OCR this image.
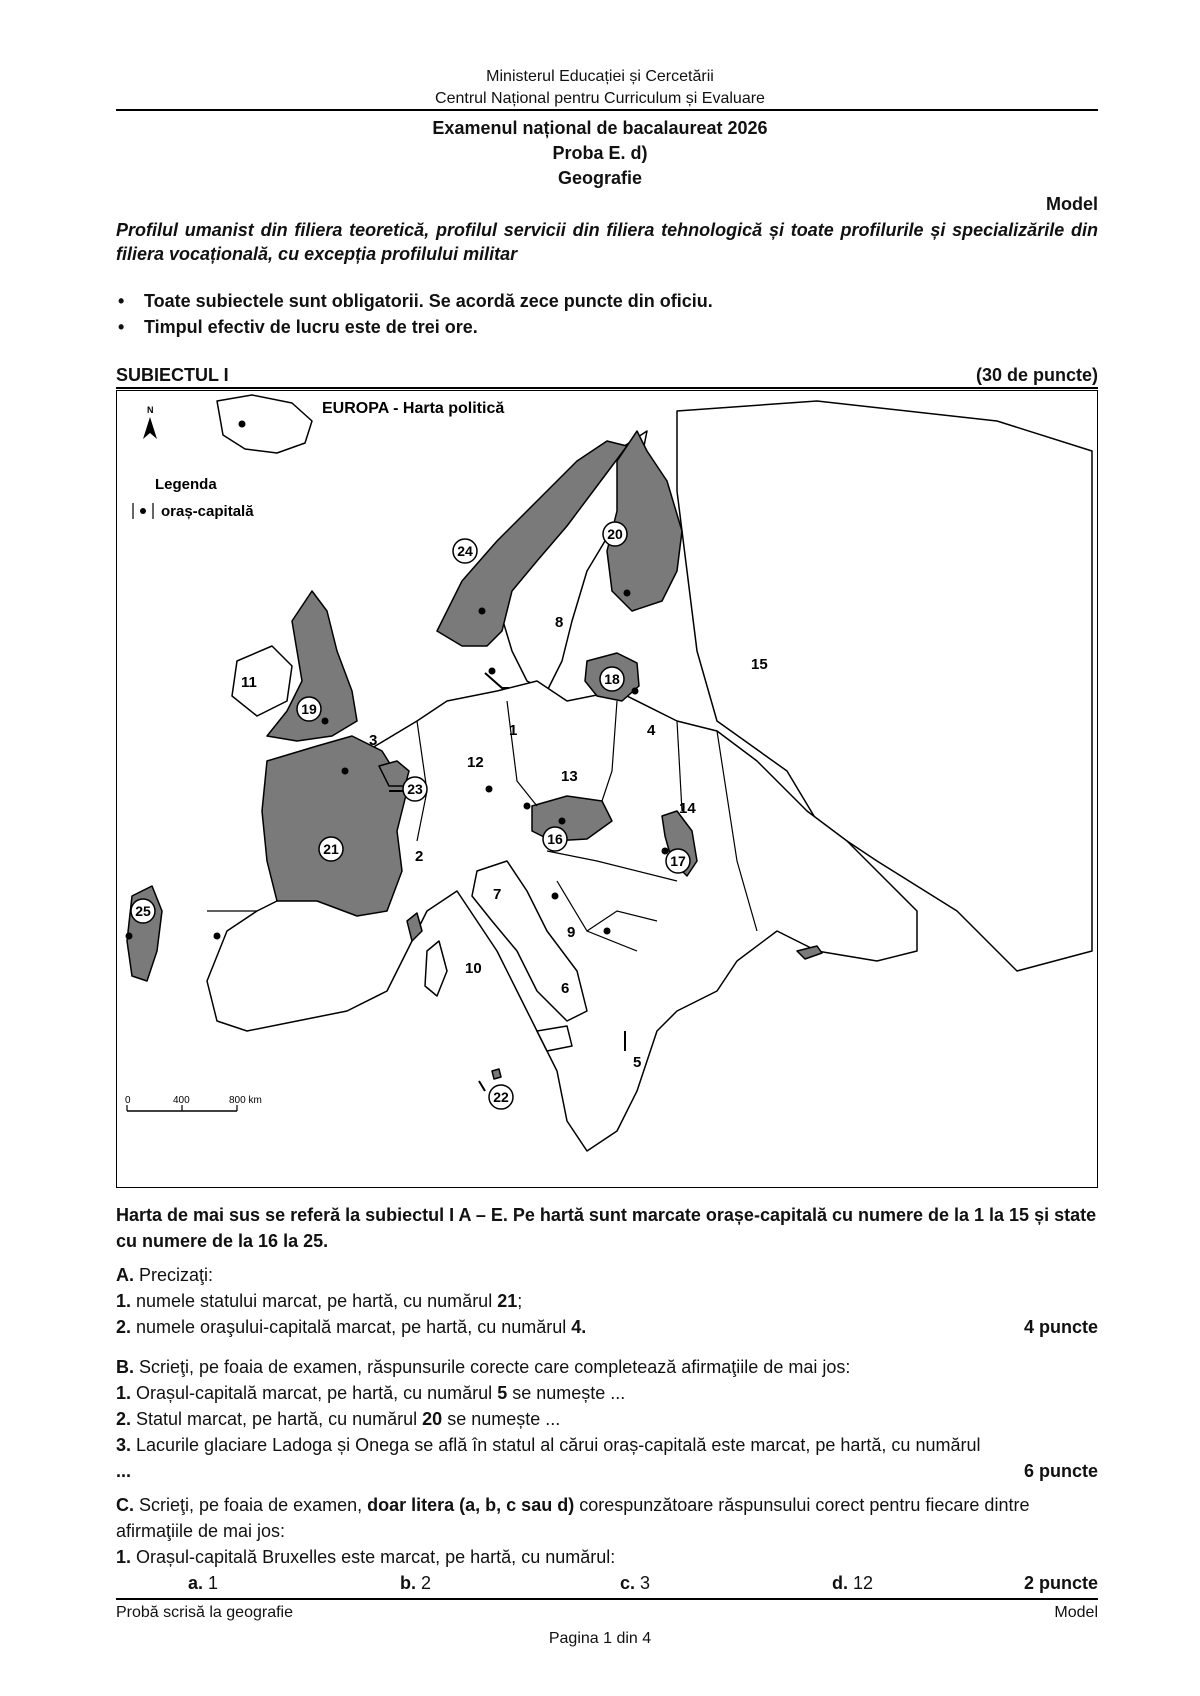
Ministerul Educației și Cercetării
Centrul Național pentru Curriculum și Evaluare
Examenul național de bacalaureat 2026
Proba E. d)
Geografie
Model
Profilul umanist din filiera teoretică, profilul servicii din filiera tehnologică și toate profilurile și specializările din filiera vocațională, cu excepția profilului militar
• Toate subiectele sunt obligatorii. Se acordă zece puncte din oficiu.
• Timpul efectiv de lucru este de trei ore.
SUBIECTUL I	(30 de puncte)
EUROPA - Harta politică
N
Legenda
oraș-capitală
0	400	800 km
1
2
3
4
5
6
7
8
9
10
11
12
13
14
15
16
17
18
19
20
21
22
23
24
25
Harta de mai sus se referă la subiectul I A – E. Pe hartă sunt marcate orașe-capitală cu numere de la 1 la 15 și state cu numere de la 16 la 25.
A. Precizaţi:
1. numele statului marcat, pe hartă, cu numărul 21;
2. numele oraşului-capitală marcat, pe hartă, cu numărul 4.	4 puncte
B. Scrieţi, pe foaia de examen, răspunsurile corecte care completează afirmaţiile de mai jos:
1. Orașul-capitală marcat, pe hartă, cu numărul 5 se numește ...
2. Statul marcat, pe hartă, cu numărul 20 se numește ...
3. Lacurile glaciare Ladoga și Onega se află în statul al cărui oraș-capitală este marcat, pe hartă, cu numărul ...	6 puncte
C. Scrieţi, pe foaia de examen, doar litera (a, b, c sau d) corespunzătoare răspunsului corect pentru fiecare dintre afirmaţiile de mai jos:
1. Orașul-capitală Bruxelles este marcat, pe hartă, cu numărul:
a. 1	b. 2	c. 3	d. 12	2 puncte
Probă scrisă la geografie	Model
Pagina 1 din 4
